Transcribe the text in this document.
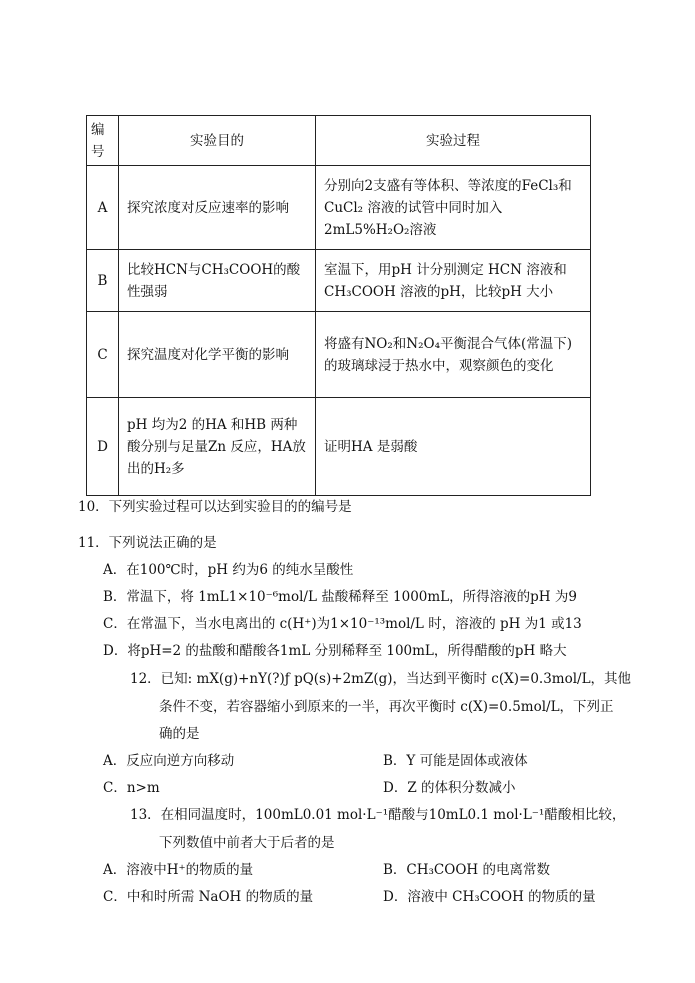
编号	实验目的	实验过程
A	探究浓度对反应速率的影响	分别向2支盛有等体积、等浓度的FeCl₃和 CuCl₂ 溶液的试管中同时加入2mL5%H₂O₂溶液
B	比较HCN与CH₃COOH的酸性强弱	室温下，用pH 计分别测定 HCN 溶液和CH₃COOH 溶液的pH，比较pH 大小
C	探究温度对化学平衡的影响	将盛有NO₂和N₂O₄平衡混合气体(常温下)的玻璃球浸于热水中，观察颜色的变化
D	pH 均为2 的HA 和HB 两种酸分别与足量Zn 反应，HA放出的H₂多	证明HA 是弱酸
10．下列实验过程可以达到实验目的的编号是
11．下列说法正确的是
A．在100℃时，pH 约为6 的纯水呈酸性
B．常温下，将 1mL1×10⁻⁶mol/L 盐酸稀释至 1000mL，所得溶液的pH 为9
C．在常温下，当水电离出的 c(H⁺)为1×10⁻¹³mol/L 时，溶液的 pH 为1 或13
D．将pH=2 的盐酸和醋酸各1mL 分别稀释至 100mL，所得醋酸的pH 略大
12．已知: mX(g)+nY(?)ƒ pQ(s)+2mZ(g)，当达到平衡时 c(X)=0.3mol/L，其他
条件不变，若容器缩小到原来的一半，再次平衡时 c(X)=0.5mol/L，下列正
确的是
A．反应向逆方向移动	B．Y 可能是固体或液体
C．n>m	D．Z 的体积分数减小
13．在相同温度时，100mL0.01 mol·L⁻¹醋酸与10mL0.1 mol·L⁻¹醋酸相比较，
下列数值中前者大于后者的是
A．溶液中H⁺的物质的量	B．CH₃COOH 的电离常数
C．中和时所需 NaOH 的物质的量	D．溶液中 CH₃COOH 的物质的量
